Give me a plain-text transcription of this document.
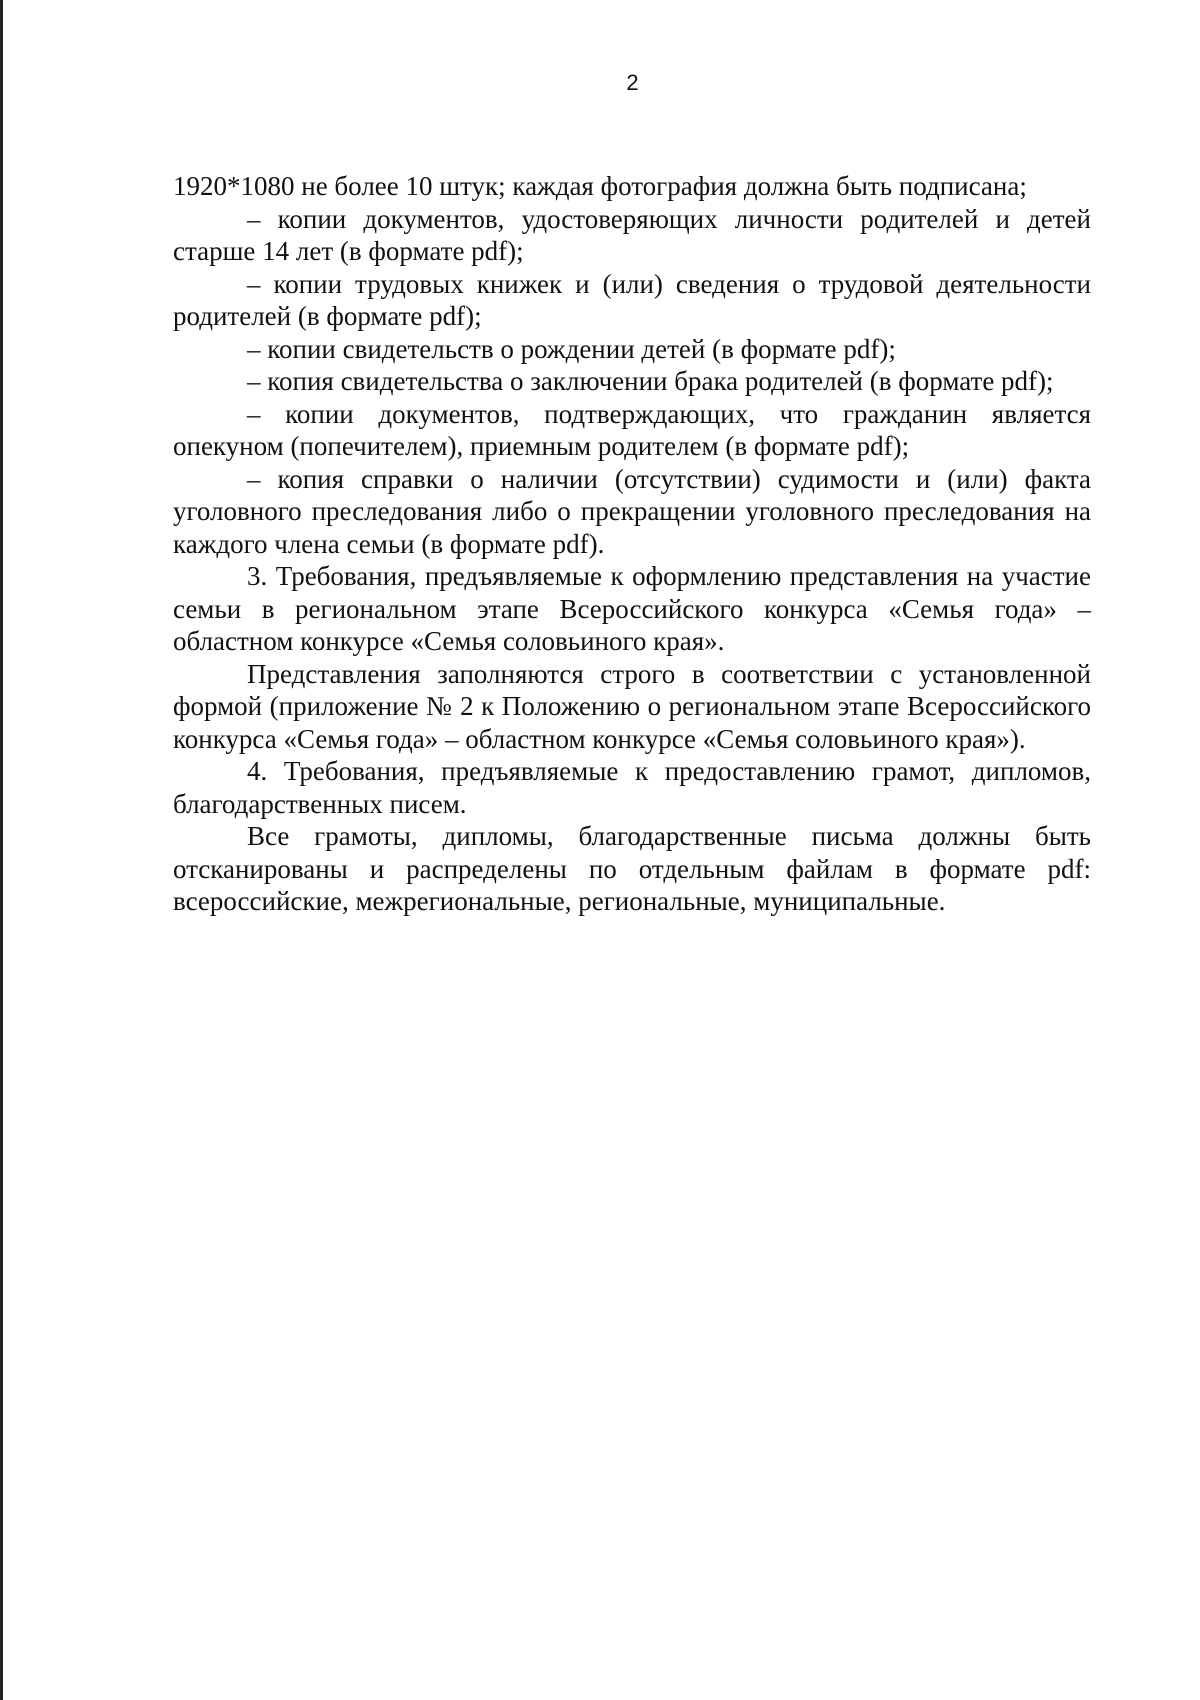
2

1920*1080 не более 10 штук; каждая фотография должна быть подписана;

– копии документов, удостоверяющих личности родителей и детей старше 14 лет (в формате pdf);

– копии трудовых книжек и (или) сведения о трудовой деятельности родителей (в формате pdf);

– копии свидетельств о рождении детей (в формате pdf);

– копия свидетельства о заключении брака родителей (в формате pdf);

– копии документов, подтверждающих, что гражданин является опекуном (попечителем), приемным родителем (в формате pdf);

– копия справки о наличии (отсутствии) судимости и (или) факта уголовного преследования либо о прекращении уголовного преследования на каждого члена семьи (в формате pdf).

3. Требования, предъявляемые к оформлению представления на участие семьи в региональном этапе Всероссийского конкурса «Семья года» – областном конкурсе «Семья соловьиного края».

Представления заполняются строго в соответствии с установленной формой (приложение № 2 к Положению о региональном этапе Всероссийского конкурса «Семья года» – областном конкурсе «Семья соловьиного края»).

4. Требования, предъявляемые к предоставлению грамот, дипломов, благодарственных писем.

Все грамоты, дипломы, благодарственные письма должны быть отсканированы и распределены по отдельным файлам в формате pdf: всероссийские, межрегиональные, региональные, муниципальные.
